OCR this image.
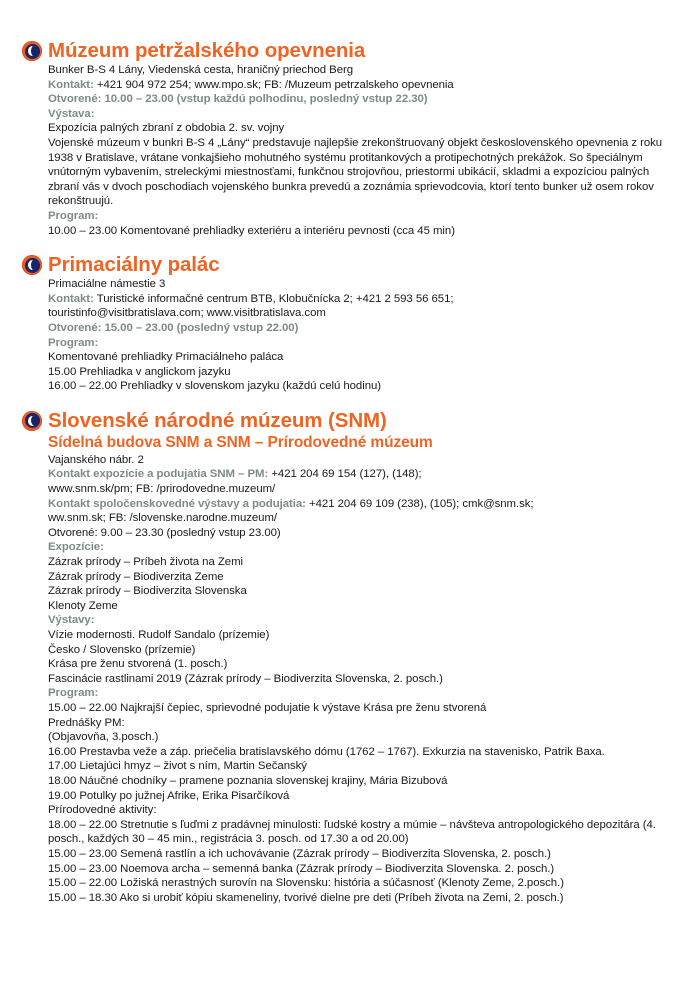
Múzeum petržalského opevnenia

Bunker B-S 4 Lány, Viedenská cesta, hraničný priechod Berg

Kontakt: +421 904 972 254; www.mpo.sk; FB: /Muzeum petrzalskeho opevnenia

Otvorené: 10.00 – 23.00 (vstup každú polhodinu, posledný vstup 22.30)

Výstava:

Expozícia palných zbraní z obdobia 2. sv. vojny

Vojenské múzeum v bunkri B-S 4 „Lány“ predstavuje najlepšie zrekonštruovaný objekt československého opevnenia z roku 1938 v Bratislave, vrátane vonkajšieho mohutného systému protitankových a protipechotných prekážok. So špeciálnym vnútorným vybavením, streleckými miestnosťami, funkčnou strojovňou, priestormi ubikácií, skladmi a expozíciou palných zbraní vás v dvoch poschodiach vojenského bunkra prevedú a zoznámia sprievodcovia, ktorí tento bunker už osem rokov rekonštruujú.

Program:

10.00 – 23.00 Komentované prehliadky exteriéru a interiéru pevnosti (cca 45 min)

Primaciálny palác

Primaciálne námestie 3

Kontakt: Turistické informačné centrum BTB, Klobučnícka 2; +421 2 593 56 651;

touristinfo@visitbratislava.com; www.visitbratislava.com

Otvorené: 15.00 – 23.00 (posledný vstup 22.00)

Program:

Komentované prehliadky Primaciálneho paláca

15.00 Prehliadka v anglickom jazyku

16.00 – 22.00 Prehliadky v slovenskom jazyku (každú celú hodinu)

Slovenské národné múzeum (SNM)
Sídelná budova SNM a SNM – Prírodovedné múzeum

Vajanského nábr. 2

Kontakt expozície a podujatia SNM – PM: +421 204 69 154 (127), (148);

www.snm.sk/pm; FB: /prirodovedne.muzeum/

Kontakt spoločenskovedné výstavy a podujatia: +421 204 69 109 (238), (105); cmk@snm.sk;

ww.snm.sk; FB: /slovenske.narodne.muzeum/

Otvorené: 9.00 – 23.30 (posledný vstup 23.00)

Expozície:

Zázrak prírody – Príbeh života na Zemi

Zázrak prírody – Biodiverzita Zeme

Zázrak prírody – Biodiverzita Slovenska

Klenoty Zeme

Výstavy:

Vízie modernosti. Rudolf Sandalo (prízemie)

Česko / Slovensko (prízemie)

Krása pre ženu stvorená (1. posch.)

Fascinácie rastlinami 2019 (Zázrak prírody – Biodiverzita Slovenska, 2. posch.)

Program:

15.00 – 22.00 Najkrajší čepiec, sprievodné podujatie k výstave Krása pre ženu stvorená

Prednášky PM:

(Objavovňa, 3.posch.)

16.00 Prestavba veže a záp. priečelia bratislavského dómu (1762 – 1767). Exkurzia na stavenisko, Patrik Baxa.

17.00 Lietajúci hmyz – život s ním, Martin Sečanský

18.00 Náučné chodníky – pramene poznania slovenskej krajiny, Mária Bizubová

19.00 Potulky po južnej Afrike, Erika Pisarčíková

Prírodovedné aktivity:

18.00 – 22.00 Stretnutie s ľuďmi z pradávnej minulosti: ľudské kostry a múmie – návšteva antropologického depozitára (4. posch., každých 30 – 45 min., registrácia 3. posch. od 17.30 a od 20.00)

15.00 – 23.00 Semená rastlín a ich uchovávanie (Zázrak prírody – Biodiverzita Slovenska, 2. posch.)

15.00 – 23.00 Noemova archa – semenná banka (Zázrak prírody – Biodiverzita Slovenska. 2. posch.)

15.00 – 22.00 Ložiská nerastných surovín na Slovensku: história a súčasnosť (Klenoty Zeme, 2.posch.)

15.00 – 18.30 Ako si urobiť kópiu skameneliny, tvorivé dielne pre deti (Príbeh života na Zemi, 2. posch.)
